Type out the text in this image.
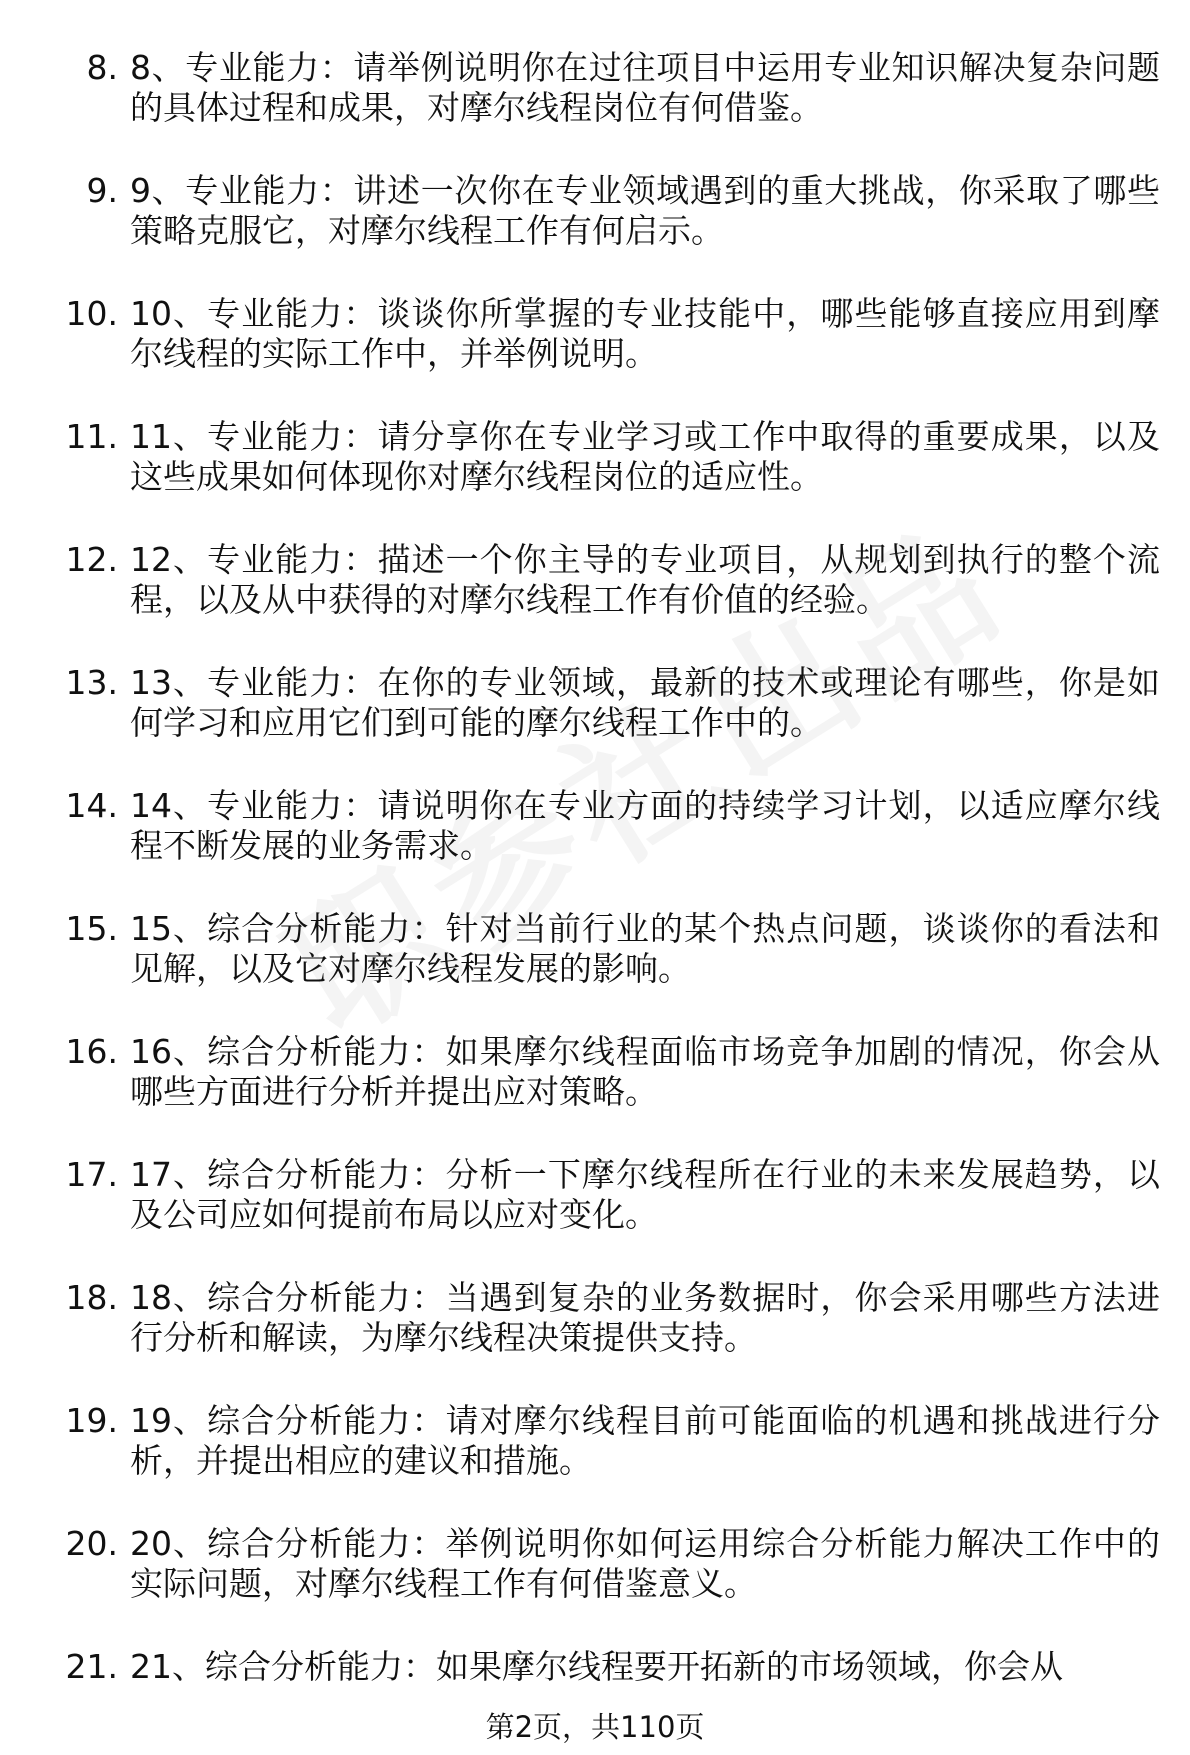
8. 8、专业能力：请举例说明你在过往项目中运用专业知识解决复杂问题的具体过程和成果，对摩尔线程岗位有何借鉴。
9. 9、专业能力：讲述一次你在专业领域遇到的重大挑战，你采取了哪些策略克服它，对摩尔线程工作有何启示。
10. 10、专业能力：谈谈你所掌握的专业技能中，哪些能够直接应用到摩尔线程的实际工作中，并举例说明。
11. 11、专业能力：请分享你在专业学习或工作中取得的重要成果，以及这些成果如何体现你对摩尔线程岗位的适应性。
12. 12、专业能力：描述一个你主导的专业项目，从规划到执行的整个流程，以及从中获得的对摩尔线程工作有价值的经验。
13. 13、专业能力：在你的专业领域，最新的技术或理论有哪些，你是如何学习和应用它们到可能的摩尔线程工作中的。
14. 14、专业能力：请说明你在专业方面的持续学习计划，以适应摩尔线程不断发展的业务需求。
15. 15、综合分析能力：针对当前行业的某个热点问题，谈谈你的看法和见解，以及它对摩尔线程发展的影响。
16. 16、综合分析能力：如果摩尔线程面临市场竞争加剧的情况，你会从哪些方面进行分析并提出应对策略。
17. 17、综合分析能力：分析一下摩尔线程所在行业的未来发展趋势，以及公司应如何提前布局以应对变化。
18. 18、综合分析能力：当遇到复杂的业务数据时，你会采用哪些方法进行分析和解读，为摩尔线程决策提供支持。
19. 19、综合分析能力：请对摩尔线程目前可能面临的机遇和挑战进行分析，并提出相应的建议和措施。
20. 20、综合分析能力：举例说明你如何运用综合分析能力解决工作中的实际问题，对摩尔线程工作有何借鉴意义。
21. 21、综合分析能力：如果摩尔线程要开拓新的市场领域，你会从
第2页，共110页
